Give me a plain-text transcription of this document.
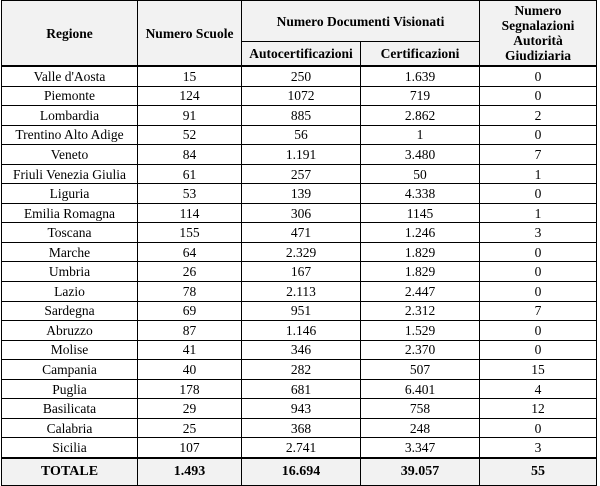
Regione	Numero Scuole	Numero Documenti Visionati		Numero Segnalazioni Autorità Giudiziaria
		Autocertificazioni	Certificazioni	
Valle d'Aosta	15	250	1.639	0
Piemonte	124	1072	719	0
Lombardia	91	885	2.862	2
Trentino Alto Adige	52	56	1	0
Veneto	84	1.191	3.480	7
Friuli Venezia Giulia	61	257	50	1
Liguria	53	139	4.338	0
Emilia Romagna	114	306	1145	1
Toscana	155	471	1.246	3
Marche	64	2.329	1.829	0
Umbria	26	167	1.829	0
Lazio	78	2.113	2.447	0
Sardegna	69	951	2.312	7
Abruzzo	87	1.146	1.529	0
Molise	41	346	2.370	0
Campania	40	282	507	15
Puglia	178	681	6.401	4
Basilicata	29	943	758	12
Calabria	25	368	248	0
Sicilia	107	2.741	3.347	3
TOTALE	1.493	16.694	39.057	55
